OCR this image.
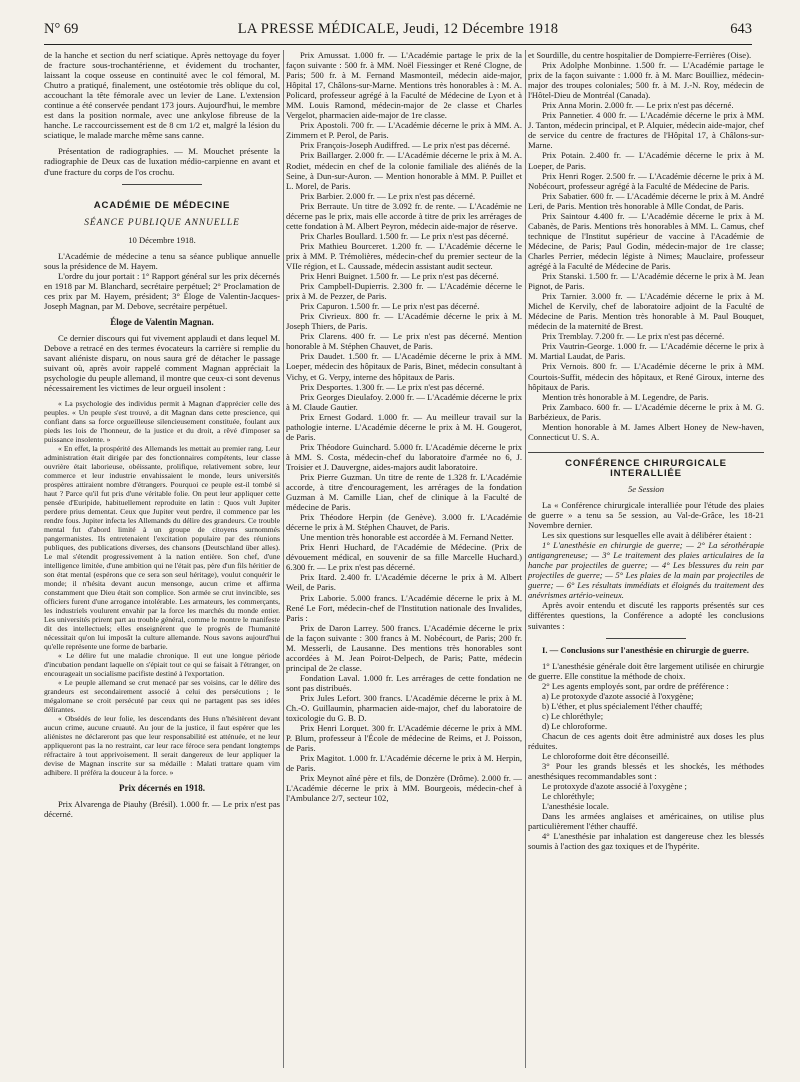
N° 69	LA PRESSE MÉDICALE, Jeudi, 12 Décembre 1918	643

de la hanche et section du nerf sciatique. Après nettoyage du foyer de fracture sous-trochantérienne, et évidement du trochanter, laissant la coque osseuse en continuité avec le col fémoral, M. Chutro a pratiqué, finalement, une ostéotomie très oblique du col, accouchant la tête fémorale avec un levier de Lane. L'extension continue a été conservée pendant 173 jours. Aujourd'hui, le membre est dans la position normale, avec une ankylose fibreuse de la hanche. Le raccourcissement est de 8 cm 1/2 et, malgré la lésion du sciatique, le malade marche même sans canne.

Présentation de radiographies. — M. Mouchet présente la radiographie de Deux cas de luxation médio-carpienne en avant et d'une fracture du corps de l'os crochu.

ACADÉMIE DE MÉDECINE
SÉANCE PUBLIQUE ANNUELLE
10 Décembre 1918.

L'Académie de médecine a tenu sa séance publique annuelle sous la présidence de M. Hayem.

L'ordre du jour portait : 1° Rapport général sur les prix décernés en 1918 par M. Blanchard, secrétaire perpétuel; 2° Proclamation de ces prix par M. Hayem, président; 3° Éloge de Valentin-Jacques-Joseph Magnan, par M. Debove, secrétaire perpétuel.

Éloge de Valentin Magnan.

Ce dernier discours qui fut vivement applaudi et dans lequel M. Debove a retracé en des termes évocateurs la carrière si remplie du savant aliéniste disparu, on nous saura gré de détacher le passage suivant où, après avoir rappelé comment Magnan appréciait la psychologie du peuple allemand, il montre que ceux-ci sont devenus nécessairement les victimes de leur orgueil insolent :

« La psychologie des individus permit à Magnan d'apprécier celle des peuples. « Un peuple s'est trouvé, a dit Magnan dans cette prescience, qui confiant dans sa force orgueilleuse silencieusement constituée, foulant aux pieds les lois de l'honneur, de la justice et du droit, a rêvé d'imposer sa puissance insolente. »

« En effet, la prospérité des Allemands les mettait au premier rang. Leur administration était dirigée par des fonctionnaires compétents, leur classe ouvrière était laborieuse, obéissante, prolifique, relativement sobre, leur commerce et leur industrie envahissaient le monde, leurs universités prospères attiraient nombre d'étrangers. Pourquoi ce peuple est-il tombé si haut ? Parce qu'il fut pris d'une véritable folie. On peut leur appliquer cette pensée d'Euripide, habituellement reproduite en latin : Quos vult Jupiter perdere prius dementat. Ceux que Jupiter veut perdre, il commence par les rendre fous. Jupiter infecta les Allemands du délire des grandeurs. Ce trouble mental fut d'abord limité à un groupe de citoyens surnommés pangermanistes. Ils entretenaient l'excitation populaire par des réunions publiques, des publications diverses, des chansons (Deutschland über alles). Le mal s'étendit progressivement à la nation entière. Son chef, d'une intelligence limitée, d'une ambition qui ne l'était pas, père d'un fils héritier de son état mental (espérons que ce sera son seul héritage), voulut conquérir le monde; il n'hésita devant aucun mensonge, aucun crime et affirma constamment que Dieu était son complice. Son armée se crut invincible, ses officiers furent d'une arrogance intolérable. Les armateurs, les commerçants, les industriels voulurent envahir par la force les marchés du monde entier. Les universités prirent part au trouble général, comme le montre le manifeste dit des intellectuels; elles enseignèrent que le progrès de l'humanité nécessitait qu'on lui imposât la culture allemande. Nous savons aujourd'hui qu'elle représente une forme de barbarie.

« Le délire fut une maladie chronique. Il eut une longue période d'incubation pendant laquelle on s'épiait tout ce qui se faisait à l'étranger, on encourageait un socialisme pacifiste destiné à l'exportation.

« Le peuple allemand se crut menacé par ses voisins, car le délire des grandeurs est secondairement associé à celui des persécutions ; le mégalomane se croit persécuté par ceux qui ne partagent pas ses idées délirantes.

« Obsédés de leur folie, les descendants des Huns n'hésitèrent devant aucun crime, aucune cruauté. Au jour de la justice, il faut espérer que les aliénistes ne déclareront pas que leur responsabilité est atténuée, et ne leur appliqueront pas la no restraint, car leur race féroce sera pendant longtemps réfractaire à tout apprivoisement. Il serait dangereux de leur appliquer la devise de Magnan inscrite sur sa médaille : Malati trattare quam vim adhibere. Il préféra la douceur à la force. »

Prix décernés en 1918.

Prix Alvarenga de Piauhy (Brésil). 1.000 fr. — Le prix n'est pas décerné.

Prix Amussat. 1.000 fr. — L'Académie partage le prix de la façon suivante : 500 fr. à MM. Noël Fiessinger et René Clogne, de Paris; 500 fr. à M. Fernand Masmonteil, médecin aide-major, Hôpital 17, Châlons-sur-Marne. Mentions très honorables à : M. A. Policard, professeur agrégé à la Faculté de Médecine de Lyon et à MM. Louis Ramond, médecin-major de 2e classe et Charles Vergelot, pharmacien aide-major de 1re classe.

Prix Apostoli. 700 fr. — L'Académie décerne le prix à MM. A. Zimmern et P. Perol, de Paris.

Prix François-Joseph Audiffred. — Le prix n'est pas décerné.

Prix Baillarger. 2.000 fr. — L'Académie décerne le prix à M. A. Rodiet, médecin en chef de la colonie familiale des aliénés de la Seine, à Dun-sur-Auron. — Mention honorable à MM. P. Puillet et L. Morel, de Paris.

Prix Barbier. 2.000 fr. — Le prix n'est pas décerné.

Prix Berraute. Un titre de 3.092 fr. de rente. — L'Académie ne décerne pas le prix, mais elle accorde à titre de prix les arrérages de cette fondation à M. Albert Peyron, médecin aide-major de réserve.

Prix Charles Boullard. 1.500 fr. — Le prix n'est pas décerné.

Prix Mathieu Bourceret. 1.200 fr. — L'Académie décerne le prix à MM. P. Trémolières, médecin-chef du premier secteur de la VIIe région, et L. Caussade, médecin assistant audit secteur.

Prix Henri Buignet. 1.500 fr. — Le prix n'est pas décerné.

Prix Campbell-Dupierris. 2.300 fr. — L'Académie décerne le prix à M. de Pezzer, de Paris.

Prix Capuron. 1.500 fr. — Le prix n'est pas décerné.

Prix Civrieux. 800 fr. — L'Académie décerne le prix à M. Joseph Thiers, de Paris.

Prix Clarens. 400 fr. — Le prix n'est pas décerné. Mention honorable à M. Stéphen Chauvet, de Paris.

Prix Daudet. 1.500 fr. — L'Académie décerne le prix à MM. Loeper, médecin des hôpitaux de Paris, Binet, médecin consultant à Vichy, et G. Verpy, interne des hôpitaux de Paris.

Prix Desportes. 1.300 fr. — Le prix n'est pas décerné.

Prix Georges Dieulafoy. 2.000 fr. — L'Académie décerne le prix à M. Claude Gautier.

Prix Ernest Godard. 1.000 fr. — Au meilleur travail sur la pathologie interne. L'Académie décerne le prix à M. H. Gougerot, de Paris.

Prix Théodore Guinchard. 5.000 fr. L'Académie décerne le prix à MM. S. Costa, médecin-chef du laboratoire d'armée no 6, J. Troisier et J. Dauvergne, aides-majors audit laboratoire.

Prix Pierre Guzman. Un titre de rente de 1.328 fr. L'Académie accorde, à titre d'encouragement, les arrérages de la fondation Guzman à M. Camille Lian, chef de clinique à la Faculté de médecine de Paris.

Prix Théodore Herpin (de Genève). 3.000 fr. L'Académie décerne le prix à M. Stéphen Chauvet, de Paris.

Une mention très honorable est accordée à M. Fernand Netter.

Prix Henri Huchard, de l'Académie de Médecine. (Prix de dévouement médical, en souvenir de sa fille Marcelle Huchard.) 6.300 fr. — Le prix n'est pas décerné.

Prix Itard. 2.400 fr. L'Académie décerne le prix à M. Albert Weil, de Paris.

Prix Laborie. 5.000 francs. L'Académie décerne le prix à M. René Le Fort, médecin-chef de l'Institution nationale des Invalides, Paris :

Prix de Daron Larrey. 500 francs. L'Académie décerne le prix de la façon suivante : 300 francs à M. Nobécourt, de Paris; 200 fr. M. Messerli, de Lausanne. Des mentions très honorables sont accordées à M. Jean Poirot-Delpech, de Paris; Patte, médecin principal de 2e classe.

Fondation Laval. 1.000 fr. Les arrérages de cette fondation ne sont pas distribués.

Prix Jules Lefort. 300 francs. L'Académie décerne le prix à M. Ch.-O. Guillaumin, pharmacien aide-major, chef du laboratoire de toxicologie du G. B. D.

Prix Henri Lorquet. 300 fr. L'Académie décerne le prix à MM. P. Blum, professeur à l'École de médecine de Reims, et J. Poisson, de Paris.

Prix Magitot. 1.000 fr. L'Académie décerne le prix à M. Herpin, de Paris.

Prix Meynot aîné père et fils, de Donzère (Drôme). 2.000 fr. — L'Académie décerne le prix à MM. Bourgeois, médecin-chef à l'Ambulance 2/7, secteur 102,

et Sourdille, du centre hospitalier de Dompierre-Ferrières (Oise).

Prix Adolphe Monbinne. 1.500 fr. — L'Académie partage le prix de la façon suivante : 1.000 fr. à M. Marc Bouilliez, médecin-major des troupes coloniales; 500 fr. à M. J.-N. Roy, médecin de l'Hôtel-Dieu de Montréal (Canada).

Prix Anna Morin. 2.000 fr. — Le prix n'est pas décerné.

Prix Pannetier. 4 000 fr. — L'Académie décerne le prix à MM. J. Tanton, médecin principal, et P. Alquier, médecin aide-major, chef de service du centre de fractures de l'Hôpital 17, à Châlons-sur-Marne.

Prix Potain. 2.400 fr. — L'Académie décerne le prix à M. Loeper, de Paris.

Prix Henri Roger. 2.500 fr. — L'Académie décerne le prix à M. Nobécourt, professeur agrégé à la Faculté de Médecine de Paris.

Prix Sabatier. 600 fr. — L'Académie décerne le prix à M. André Leri, de Paris. Mention très honorable à Mlle Condat, de Paris.

Prix Saintour 4.400 fr. — L'Académie décerne le prix à M. Cabanès, de Paris. Mentions très honorables à MM. L. Camus, chef technique de l'Institut supérieur de vaccine à l'Académie de Médecine, de Paris; Paul Godin, médecin-major de 1re classe; Charles Perrier, médecin légiste à Nimes; Mauclaire, professeur agrégé à la Faculté de Médecine de Paris.

Prix Stanski. 1.500 fr. — L'Académie décerne le prix à M. Jean Pignot, de Paris.

Prix Tarnier. 3.000 fr. — L'Académie décerne le prix à M. Michel de Kervily, chef de laboratoire adjoint de la Faculté de Médecine de Paris. Mention très honorable à M. Paul Bouquet, médecin de la maternité de Brest.

Prix Tremblay. 7.200 fr. — Le prix n'est pas décerné.

Prix Vautrin-George. 1.000 fr. — L'Académie décerne le prix à M. Martial Laudat, de Paris.

Prix Vernois. 800 fr. — L'Académie décerne le prix à MM. Courtois-Suffit, médecin des hôpitaux, et René Giroux, interne des hôpitaux de Paris.

Mention très honorable à M. Legendre, de Paris.

Prix Zambaco. 600 fr. — L'Académie décerne le prix à M. G. Barbézieux, de Paris.

Mention honorable à M. James Albert Honey de New-haven, Connecticut U. S. A.

CONFÉRENCE CHIRURGICALE INTERALLIÉE
5e Session

La « Conférence chirurgicale interalliée pour l'étude des plaies de guerre » a tenu sa 5e session, au Val-de-Grâce, les 18-21 Novembre dernier.

Les six questions sur lesquelles elle avait à délibérer étaient :

1° L'anesthésie en chirurgie de guerre; — 2° La sérothérapie antigangreneuse; — 3° Le traitement des plaies articulaires de la hanche par projectiles de guerre; — 4° Les blessures du rein par projectiles de guerre; — 5° Les plaies de la main par projectiles de guerre; — 6° Les résultats immédiats et éloignés du traitement des anévrismes artério-veineux.

Après avoir entendu et discuté les rapports présentés sur ces différentes questions, la Conférence a adopté les conclusions suivantes :

I. — Conclusions sur l'anesthésie en chirurgie de guerre.

1° L'anesthésie générale doit être largement utilisée en chirurgie de guerre. Elle constitue la méthode de choix.

2° Les agents employés sont, par ordre de préférence :

a) Le protoxyde d'azote associé à l'oxygène;

b) L'éther, et plus spécialement l'éther chauffé;

c) Le chloréthyle;

d) Le chloroforme.

Chacun de ces agents doit être administré aux doses les plus réduites.

Le chloroforme doit être déconseillé.

3° Pour les grands blessés et les shockés, les méthodes anesthésiques recommandables sont :

Le protoxyde d'azote associé à l'oxygène ;

Le chloréthyle;

L'anesthésie locale.

Dans les armées anglaises et américaines, on utilise plus particulièrement l'éther chauffé.

4° L'anesthésie par inhalation est dangereuse chez les blessés soumis à l'action des gaz toxiques et de l'hypérite.
